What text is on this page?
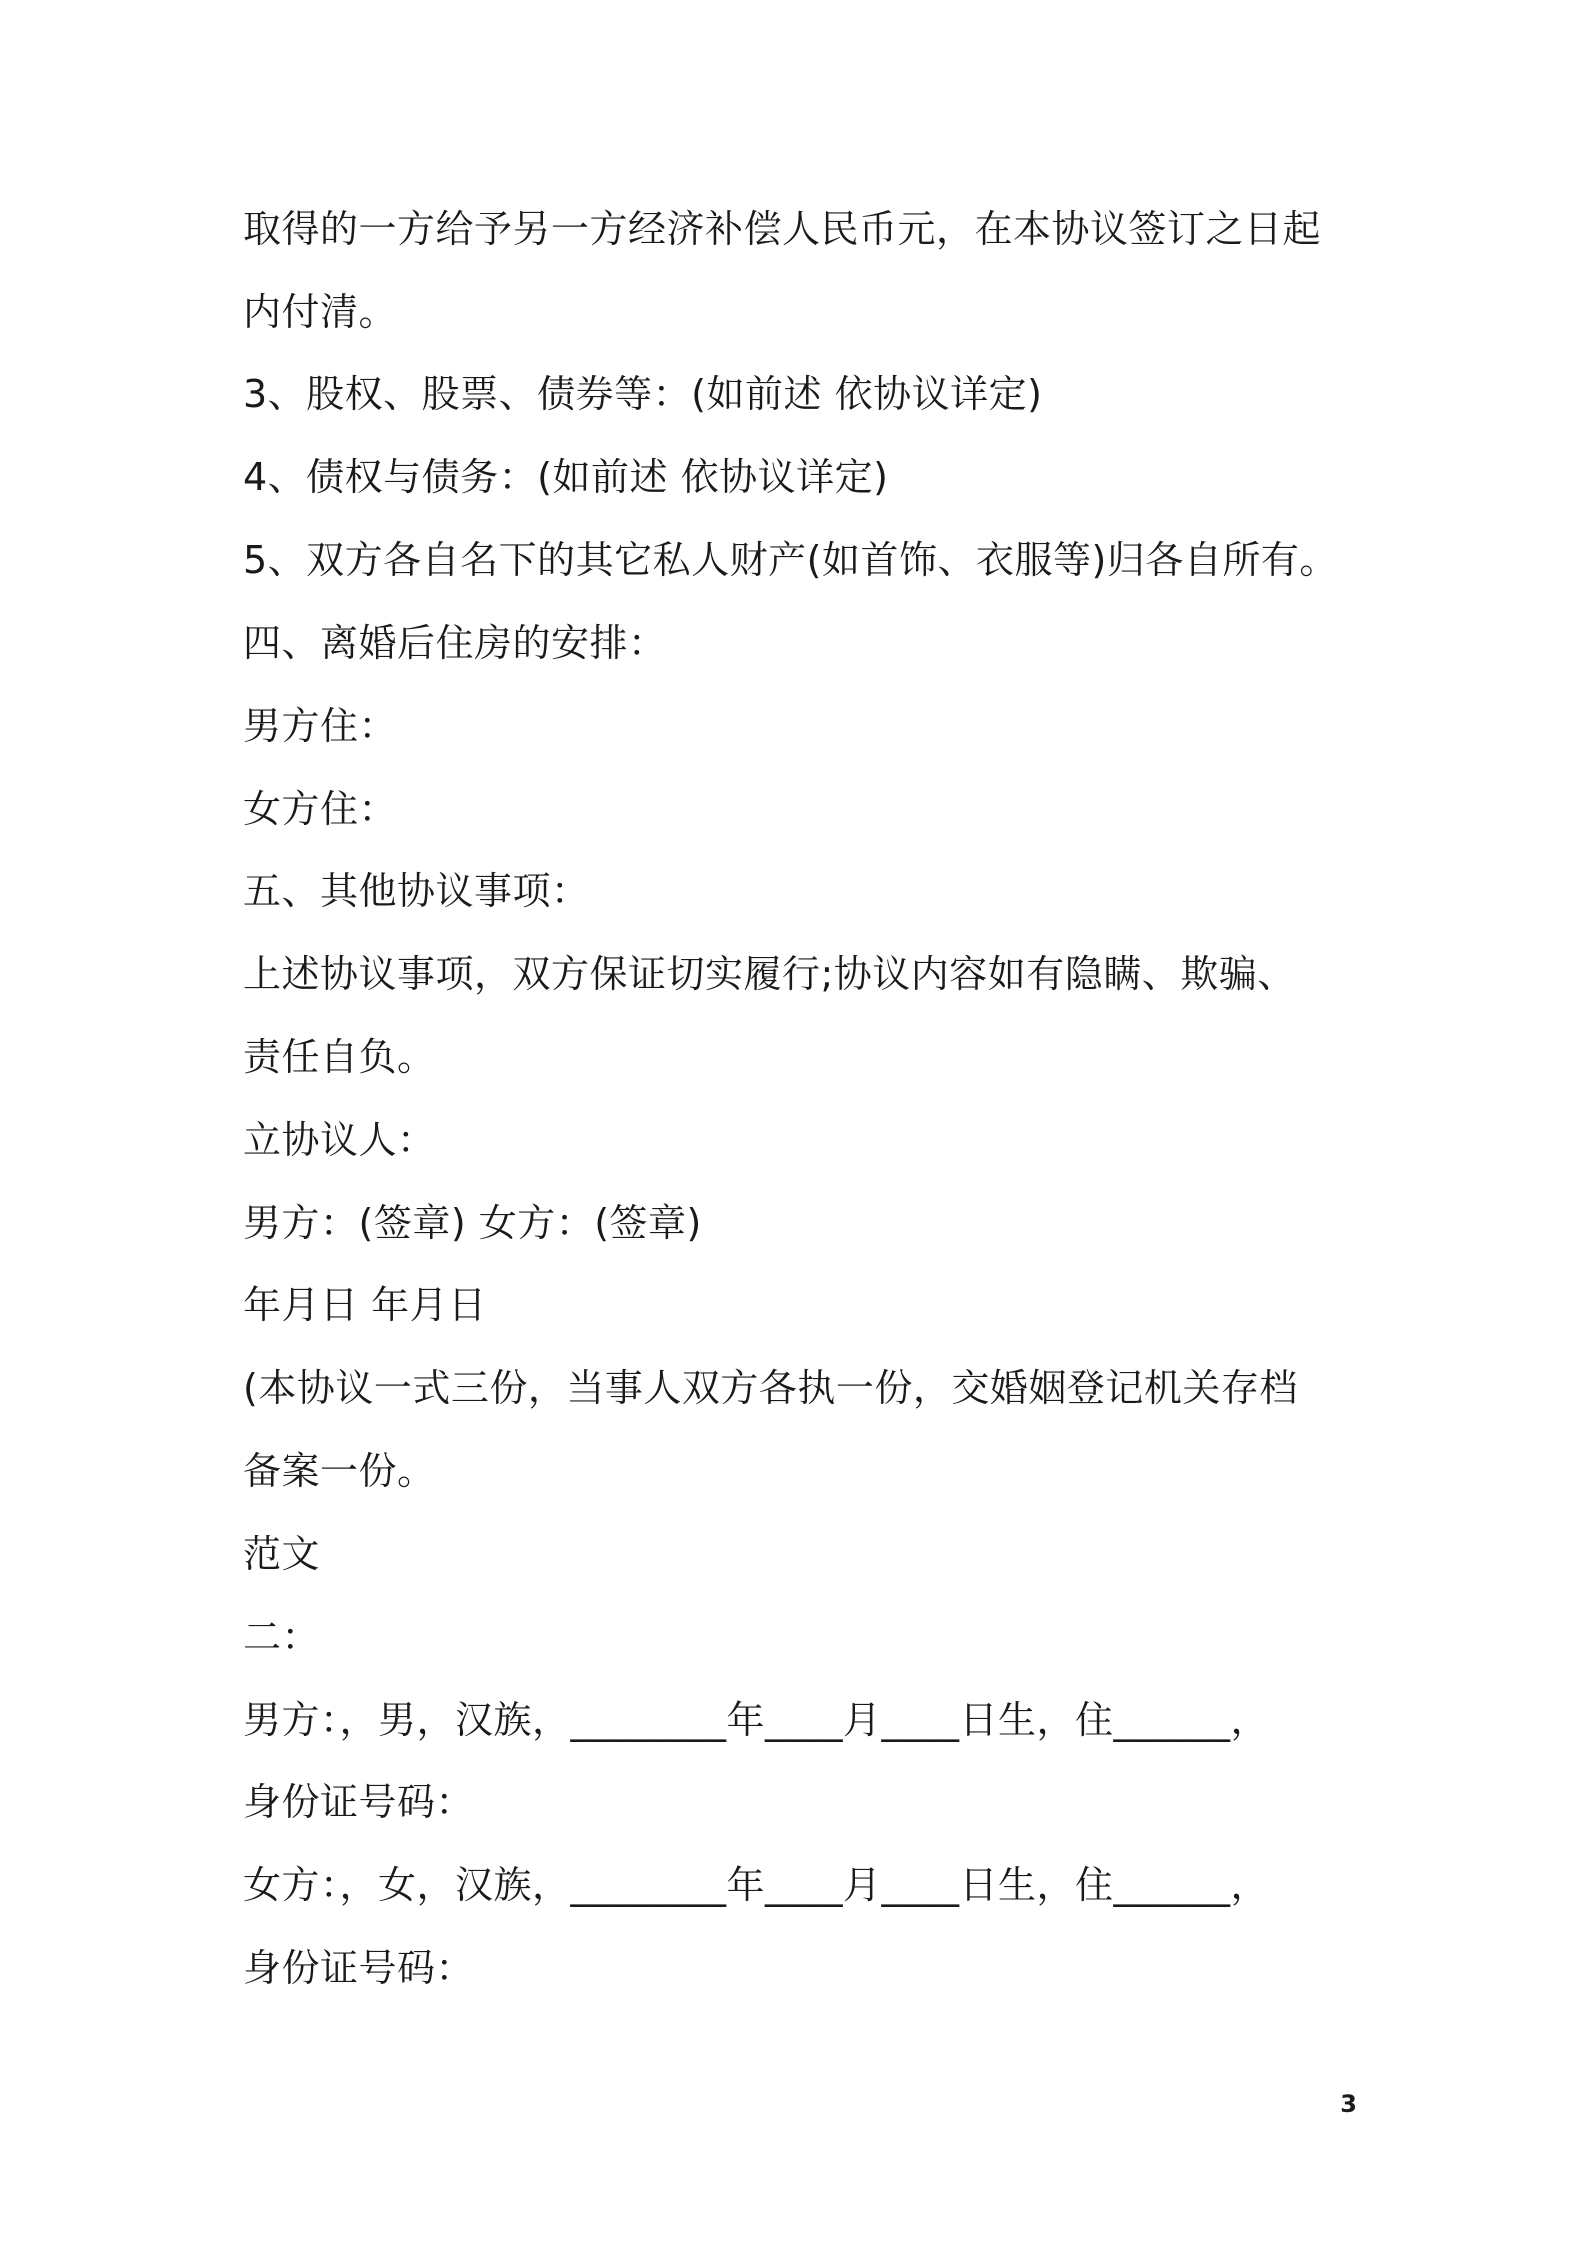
取得的一方给予另一方经济补偿人民币元，在本协议签订之日起
内付清。
3、股权、股票、债券等：(如前述 依协议详定)
4、债权与债务：(如前述 依协议详定)
5、双方各自名下的其它私人财产(如首饰、衣服等)归各自所有。
四、离婚后住房的安排：
男方住：
女方住：
五、其他协议事项：
上述协议事项，双方保证切实履行;协议内容如有隐瞒、欺骗、
责任自负。
立协议人：
男方：(签章) 女方：(签章)
年月日 年月日
(本协议一式三份，当事人双方各执一份，交婚姻登记机关存档
备案一份。
范文
二：
男方：，男，汉族，________年____月____日生，住______，
身份证号码：
女方：，女，汉族，________年____月____日生，住______，
身份证号码：
3
